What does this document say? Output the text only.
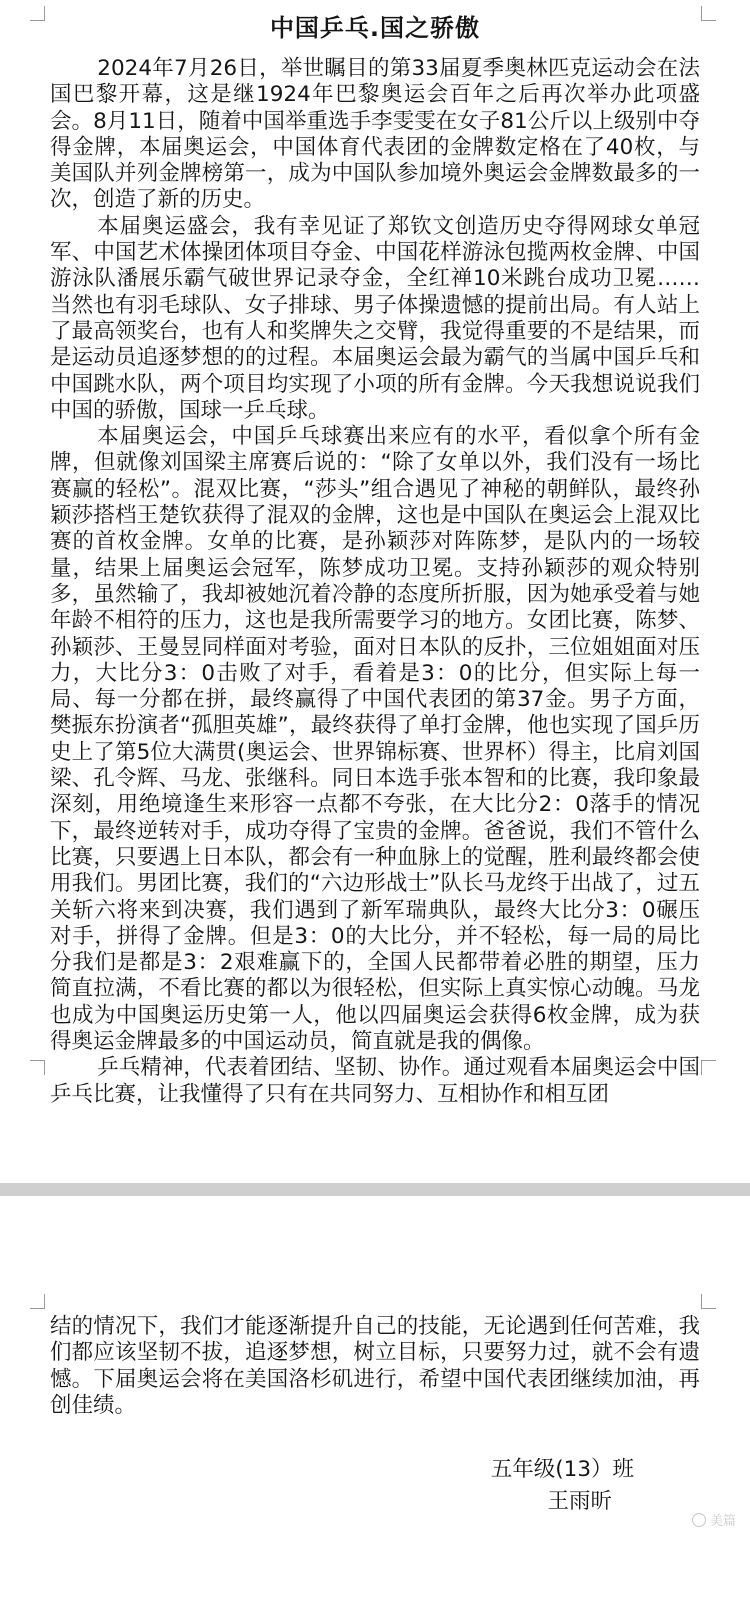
中国乒乓.国之骄傲

2024年7月26日，举世瞩目的第33届夏季奥林匹克运动会在法国巴黎开幕，这是继1924年巴黎奥运会百年之后再次举办此项盛会。8月11日，随着中国举重选手李雯雯在女子81公斤以上级别中夺得金牌，本届奥运会，中国体育代表团的金牌数定格在了40枚，与美国队并列金牌榜第一，成为中国队参加境外奥运会金牌数最多的一次，创造了新的历史。

本届奥运盛会，我有幸见证了郑钦文创造历史夺得网球女单冠军、中国艺术体操团体项目夺金、中国花样游泳包揽两枚金牌、中国游泳队潘展乐霸气破世界记录夺金，全红禅10米跳台成功卫冕……当然也有羽毛球队、女子排球、男子体操遗憾的提前出局。有人站上了最高领奖台，也有人和奖牌失之交臂，我觉得重要的不是结果，而是运动员追逐梦想的的过程。本届奥运会最为霸气的当属中国乒乓和中国跳水队，两个项目均实现了小项的所有金牌。今天我想说说我们中国的骄傲，国球一乒乓球。

本届奥运会，中国乒乓球赛出来应有的水平，看似拿个所有金牌，但就像刘国梁主席赛后说的：“除了女单以外，我们没有一场比赛赢的轻松”。混双比赛，“莎头”组合遇见了神秘的朝鲜队，最终孙颖莎搭档王楚钦获得了混双的金牌，这也是中国队在奥运会上混双比赛的首枚金牌。女单的比赛，是孙颖莎对阵陈梦，是队内的一场较量，结果上届奥运会冠军，陈梦成功卫冕。支持孙颖莎的观众特别多，虽然输了，我却被她沉着冷静的态度所折服，因为她承受着与她年龄不相符的压力，这也是我所需要学习的地方。女团比赛，陈梦、孙颖莎、王曼昱同样面对考验，面对日本队的反扑，三位姐姐面对压力，大比分3：0击败了对手，看着是3：0的比分，但实际上每一局、每一分都在拼，最终赢得了中国代表团的第37金。男子方面，樊振东扮演者“孤胆英雄”，最终获得了单打金牌，他也实现了国乒历史上了第5位大满贯(奥运会、世界锦标赛、世界杯）得主，比肩刘国梁、孔令辉、马龙、张继科。同日本选手张本智和的比赛，我印象最深刻，用绝境逢生来形容一点都不夸张，在大比分2：0落手的情况下，最终逆转对手，成功夺得了宝贵的金牌。爸爸说，我们不管什么比赛，只要遇上日本队，都会有一种血脉上的觉醒，胜利最终都会使用我们。男团比赛，我们的“六边形战士”队长马龙终于出战了，过五关斩六将来到决赛，我们遇到了新军瑞典队，最终大比分3：0碾压对手，拼得了金牌。但是3：0的大比分，并不轻松，每一局的局比分我们是都是3：2艰难赢下的，全国人民都带着必胜的期望，压力简直拉满，不看比赛的都以为很轻松，但实际上真实惊心动魄。马龙也成为中国奥运历史第一人，他以四届奥运会获得6枚金牌，成为获得奥运金牌最多的中国运动员，简直就是我的偶像。

乒乓精神，代表着团结、坚韧、协作。通过观看本届奥运会中国乒乓比赛，让我懂得了只有在共同努力、互相协作和相互团

结的情况下，我们才能逐渐提升自己的技能，无论遇到任何苦难，我们都应该坚韧不拔，追逐梦想，树立目标，只要努力过，就不会有遗憾。下届奥运会将在美国洛杉矶进行，希望中国代表团继续加油，再创佳绩。

五年级(13）班
王雨昕
美篇
